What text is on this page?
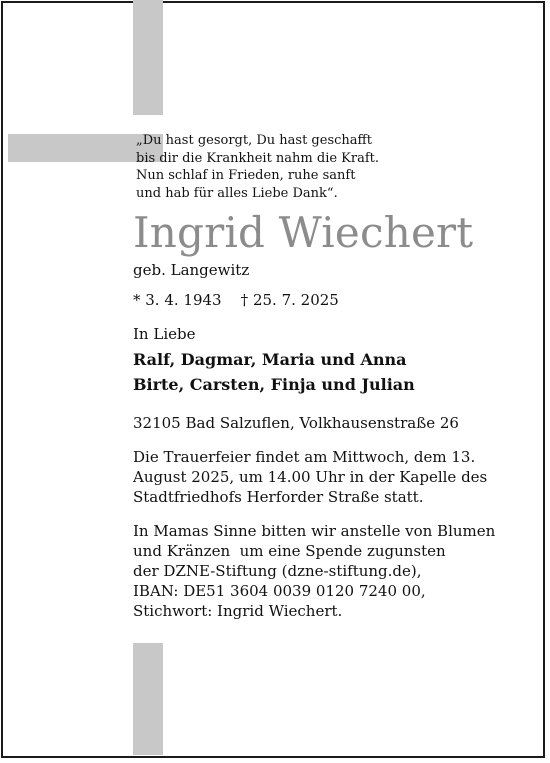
„Du hast gesorgt, Du hast geschafft
bis dir die Krankheit nahm die Kraft.
Nun schlaf in Frieden, ruhe sanft
und hab für alles Liebe Dank“.
Ingrid Wiechert
geb. Langewitz
* 3. 4. 1943    † 25. 7. 2025
In Liebe
Ralf, Dagmar, Maria und Anna
Birte, Carsten, Finja und Julian
32105 Bad Salzuflen, Volkhausenstraße 26
Die Trauerfeier findet am Mittwoch, dem 13.
August 2025, um 14.00 Uhr in der Kapelle des
Stadtfriedhofs Herforder Straße statt.
In Mamas Sinne bitten wir anstelle von Blumen
und Kränzen  um eine Spende zugunsten
der DZNE-Stiftung (dzne-stiftung.de),
IBAN: DE51 3604 0039 0120 7240 00,
Stichwort: Ingrid Wiechert.
